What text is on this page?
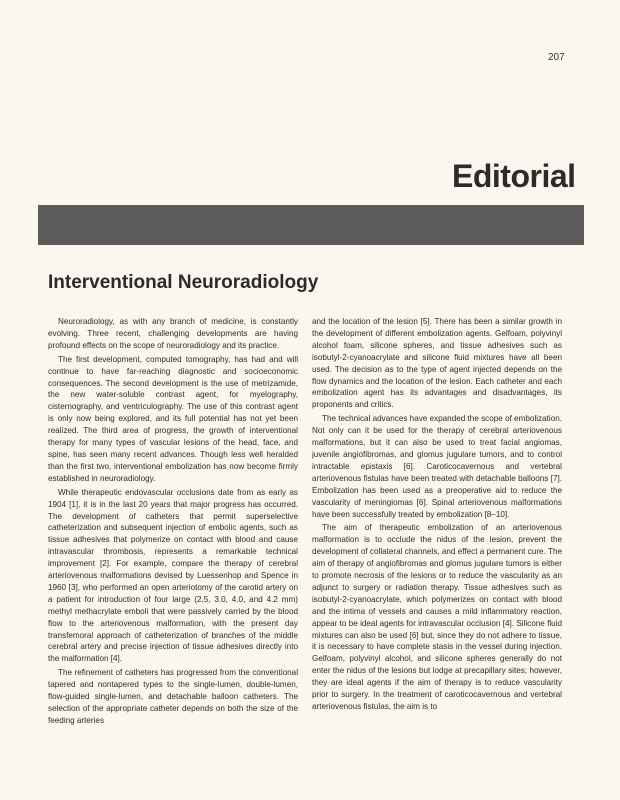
207
Editorial
Interventional Neuroradiology

Neuroradiology, as with any branch of medicine, is constantly evolving. Three recent, challenging developments are having profound effects on the scope of neuroradiology and its practice.

The first development, computed tomography, has had and will continue to have far-reaching diagnostic and socioeconomic consequences. The second development is the use of metrizamide, the new water-soluble contrast agent, for myelography, cisternography, and ventriculography. The use of this contrast agent is only now being explored, and its full potential has not yet been realized. The third area of progress, the growth of interventional therapy for many types of vascular lesions of the head, face, and spine, has seen many recent advances. Though less well heralded than the first two, interventional embolization has now become firmly established in neuroradiology.

While therapeutic endovascular occlusions date from as early as 1904 [1], it is in the last 20 years that major progress has occurred. The development of catheters that permit superselective catheterization and subsequent injection of embolic agents, such as tissue adhesives that polymerize on contact with blood and cause intravascular thrombosis, represents a remarkable technical improvement [2]. For example, compare the therapy of cerebral arteriovenous malformations devised by Luessenhop and Spence in 1960 [3], who performed an open arteriotomy of the carotid artery on a patient for introduction of four large (2.5, 3.0, 4.0, and 4.2 mm) methyl methacrylate emboli that were passively carried by the blood flow to the arteriovenous malformation, with the present day transfemoral approach of catheterization of branches of the middle cerebral artery and precise injection of tissue adhesives directly into the malformation [4].

The refinement of catheters has progressed from the conventional tapered and nontapered types to the single-lumen, double-lumen, flow-guided single-lumen, and detachable balloon catheters. The selection of the appropriate catheter depends on both the size of the feeding arteries

and the location of the lesion [5]. There has been a similar growth in the development of different embolization agents. Gelfoam, polyvinyl alcohol foam, silicone spheres, and tissue adhesives such as isobutyl-2-cyanoacrylate and silicone fluid mixtures have all been used. The decision as to the type of agent injected depends on the flow dynamics and the location of the lesion. Each catheter and each embolization agent has its advantages and disadvantages, its proponents and critics.

The technical advances have expanded the scope of embolization. Not only can it be used for the therapy of cerebral arteriovenous malformations, but it can also be used to treat facial angiomas, juvenile angiofibromas, and glomus jugulare tumors, and to control intractable epistaxis [6]. Caroticocavernous and vertebral arteriovenous fistulas have been treated with detachable balloons [7]. Embolization has been used as a preoperative aid to reduce the vascularity of meningiomas [6]. Spinal arteriovenous malformations have been successfully treated by embolization [8–10].

The aim of therapeutic embolization of an arteriovenous malformation is to occlude the nidus of the lesion, prevent the development of collateral channels, and effect a permanent cure. The aim of therapy of angiofibromas and glomus jugulare tumors is either to promote necrosis of the lesions or to reduce the vascularity as an adjunct to surgery or radiation therapy. Tissue adhesives such as isobutyl-2-cyanoacrylate, which polymerizes on contact with blood and the intima of vessels and causes a mild inflammatory reaction, appear to be ideal agents for intravascular occlusion [4]. Silicone fluid mixtures can also be used [6] but, since they do not adhere to tissue, it is necessary to have complete stasis in the vessel during injection. Gelfoam, polyvinyl alcohol, and silicone spheres generally do not enter the nidus of the lesions but lodge at precapillary sites; however, they are ideal agents if the aim of therapy is to reduce vascularity prior to surgery. In the treatment of caroticocavernous and vertebral arteriovenous fistulas, the aim is to
